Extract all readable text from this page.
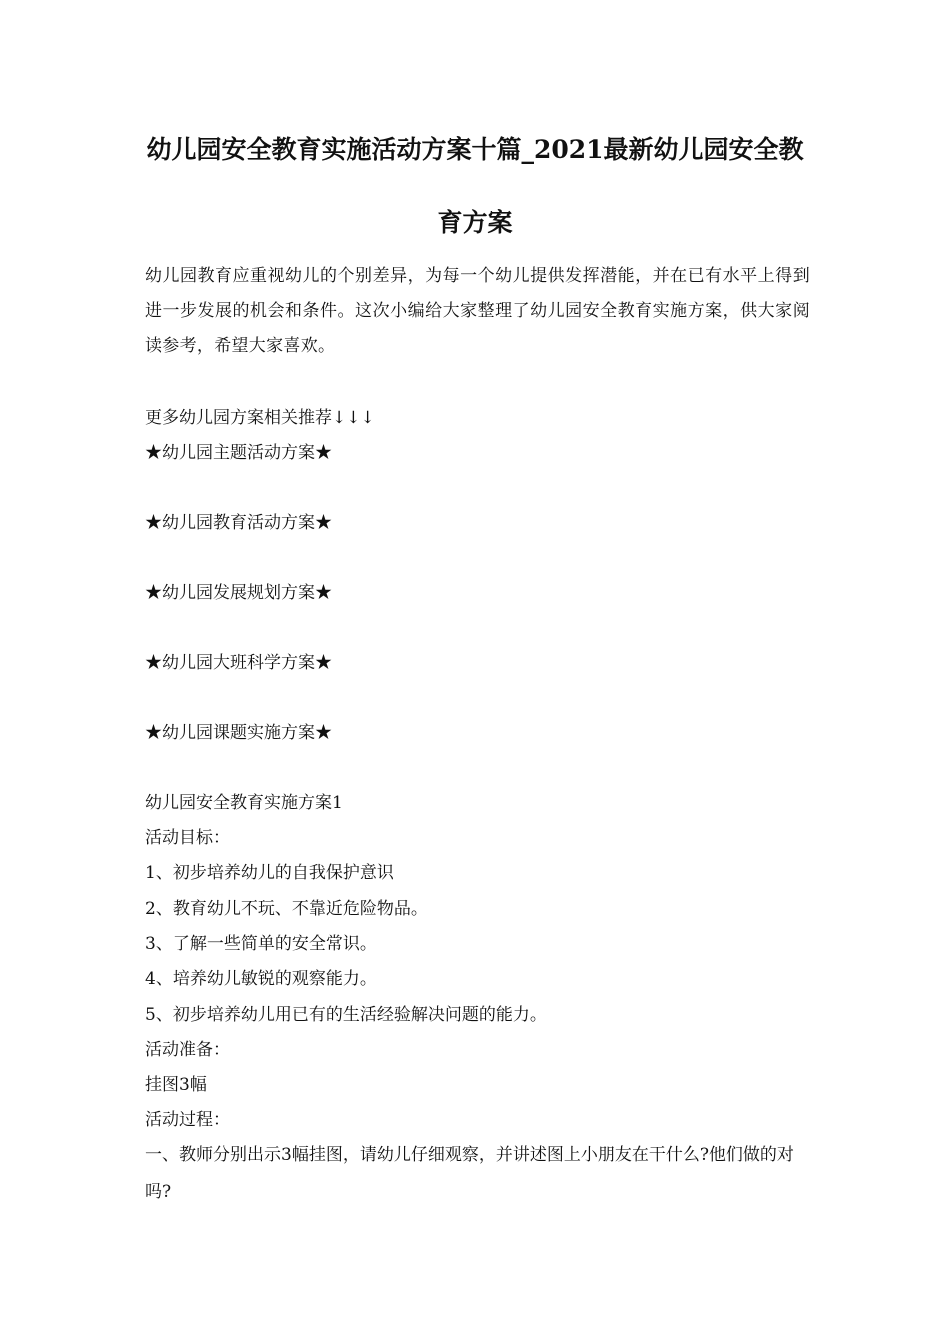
幼儿园安全教育实施活动方案十篇_2021最新幼儿园安全教
育方案

幼儿园教育应重视幼儿的个别差异，为每一个幼儿提供发挥潜能，并在已有水平上得到进一步发展的机会和条件。这次小编给大家整理了幼儿园安全教育实施方案，供大家阅读参考，希望大家喜欢。

更多幼儿园方案相关推荐↓↓↓

★幼儿园主题活动方案★

★幼儿园教育活动方案★

★幼儿园发展规划方案★

★幼儿园大班科学方案★

★幼儿园课题实施方案★

幼儿园安全教育实施方案1

活动目标：

1、初步培养幼儿的自我保护意识

2、教育幼儿不玩、不靠近危险物品。

3、了解一些简单的安全常识。

4、培养幼儿敏锐的观察能力。

5、初步培养幼儿用已有的生活经验解决问题的能力。

活动准备：

挂图3幅

活动过程：

一、教师分别出示3幅挂图，请幼儿仔细观察，并讲述图上小朋友在干什么?他们做的对吗?
